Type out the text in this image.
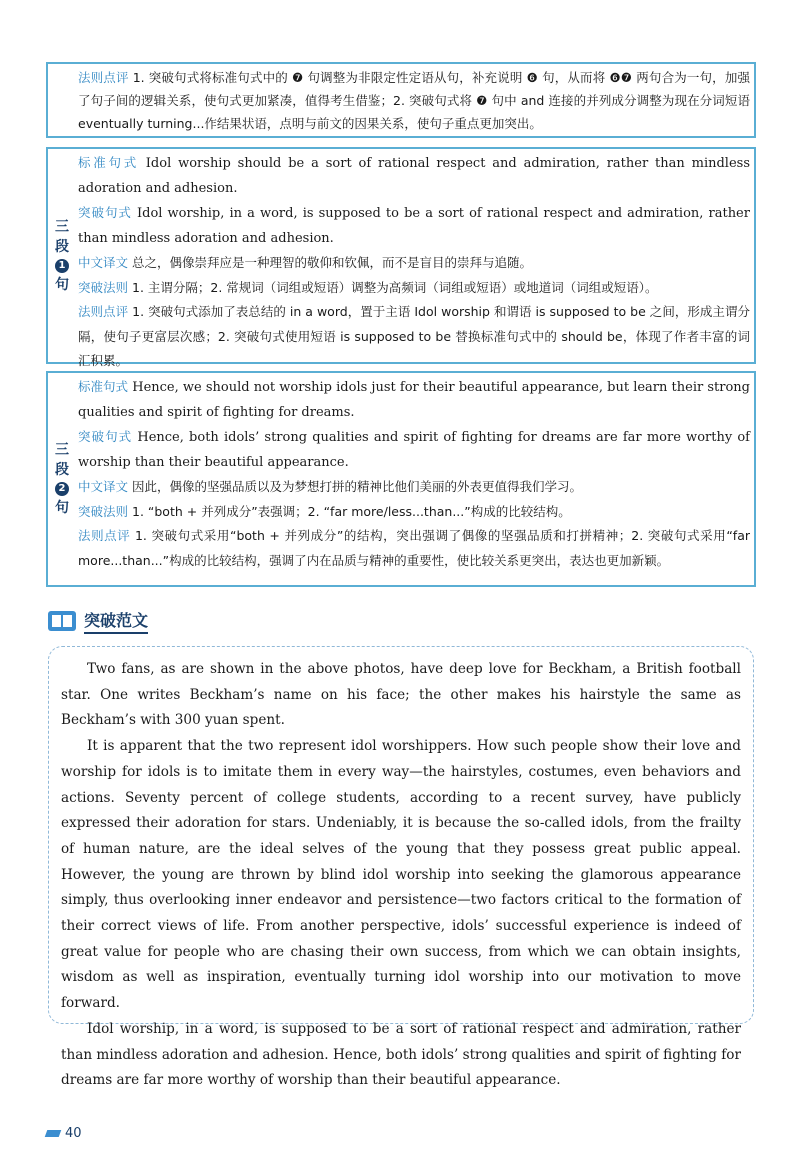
法则点评 1. 突破句式将标准句式中的 ❼ 句调整为非限定性定语从句，补充说明 ❻ 句，从而将 ❻❼ 两句合为一句，加强了句子间的逻辑关系，使句式更加紧凑，值得考生借鉴；2. 突破句式将 ❼ 句中 and 连接的并列成分调整为现在分词短语 eventually turning...作结果状语，点明与前文的因果关系，使句子重点更加突出。

三
段
1
句

标准句式 Idol worship should be a sort of rational respect and admiration, rather than mindless adoration and adhesion.

突破句式 Idol worship, in a word, is supposed to be a sort of rational respect and admiration, rather than mindless adoration and adhesion.

中文译文 总之，偶像崇拜应是一种理智的敬仰和钦佩，而不是盲目的崇拜与追随。

突破法则 1. 主谓分隔；2. 常规词（词组或短语）调整为高频词（词组或短语）或地道词（词组或短语）。

法则点评 1. 突破句式添加了表总结的 in a word，置于主语 Idol worship 和谓语 is supposed to be 之间，形成主谓分隔，使句子更富层次感；2. 突破句式使用短语 is supposed to be 替换标准句式中的 should be，体现了作者丰富的词汇积累。

三
段
2
句

标准句式 Hence, we should not worship idols just for their beautiful appearance, but learn their strong qualities and spirit of fighting for dreams.

突破句式 Hence, both idols’ strong qualities and spirit of fighting for dreams are far more worthy of worship than their beautiful appearance.

中文译文 因此，偶像的坚强品质以及为梦想打拼的精神比他们美丽的外表更值得我们学习。

突破法则 1. “both + 并列成分”表强调；2. “far more/less...than...”构成的比较结构。

法则点评 1. 突破句式采用“both + 并列成分”的结构，突出强调了偶像的坚强品质和打拼精神；2. 突破句式采用“far more...than...”构成的比较结构，强调了内在品质与精神的重要性，使比较关系更突出，表达也更加新颖。

突破范文

Two fans, as are shown in the above photos, have deep love for Beckham, a British football star. One writes Beckham’s name on his face; the other makes his hairstyle the same as Beckham’s with 300 yuan spent.

It is apparent that the two represent idol worshippers. How such people show their love and worship for idols is to imitate them in every way—the hairstyles, costumes, even behaviors and actions. Seventy percent of college students, according to a recent survey, have publicly expressed their adoration for stars. Undeniably, it is because the so-called idols, from the frailty of human nature, are the ideal selves of the young that they possess great public appeal. However, the young are thrown by blind idol worship into seeking the glamorous appearance simply, thus overlooking inner endeavor and persistence—two factors critical to the formation of their correct views of life. From another perspective, idols’ successful experience is indeed of great value for people who are chasing their own success, from which we can obtain insights, wisdom as well as inspiration, eventually turning idol worship into our motivation to move forward.

Idol worship, in a word, is supposed to be a sort of rational respect and admiration, rather than mindless adoration and adhesion. Hence, both idols’ strong qualities and spirit of fighting for dreams are far more worthy of worship than their beautiful appearance.

40
